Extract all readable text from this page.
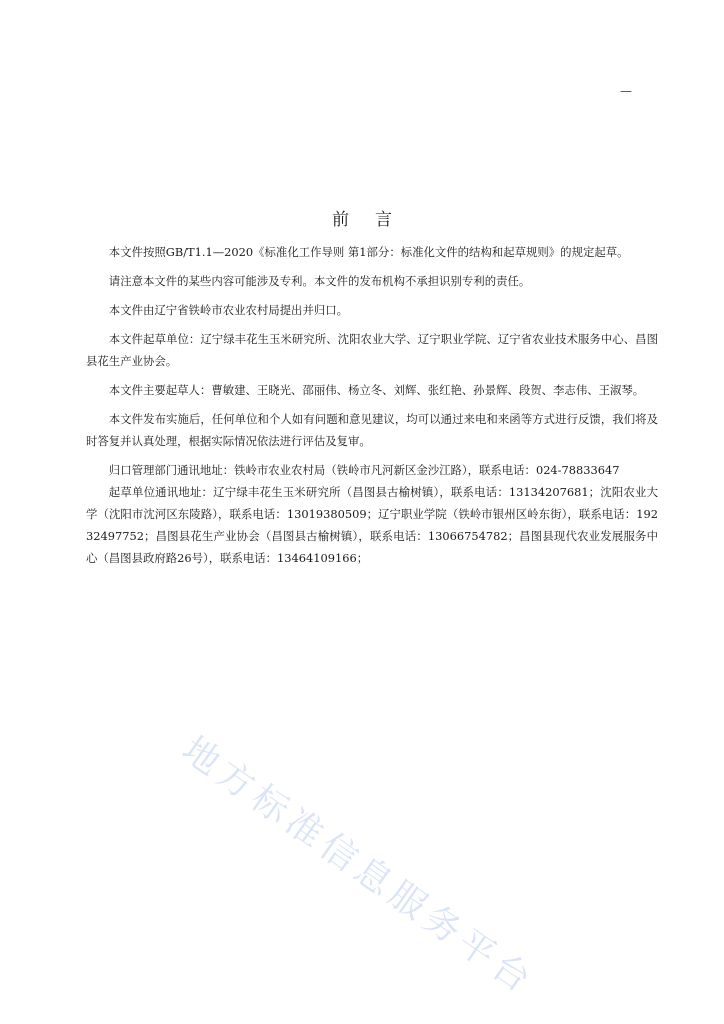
—
前言

本文件按照GB/T1.1—2020《标准化工作导则 第1部分：标准化文件的结构和起草规则》的规定起草。

请注意本文件的某些内容可能涉及专利。本文件的发布机构不承担识别专利的责任。

本文件由辽宁省铁岭市农业农村局提出并归口。

本文件起草单位：辽宁绿丰花生玉米研究所、沈阳农业大学、辽宁职业学院、辽宁省农业技术服务中心、昌图县花生产业协会。

本文件主要起草人：曹敏建、王晓光、邵丽伟、杨立冬、刘辉、张红艳、孙景辉、段贺、李志伟、王淑琴。

本文件发布实施后，任何单位和个人如有问题和意见建议，均可以通过来电和来函等方式进行反馈，我们将及时答复并认真处理，根据实际情况依法进行评估及复审。

归口管理部门通讯地址：铁岭市农业农村局（铁岭市凡河新区金沙江路），联系电话：024-78833647

起草单位通讯地址：辽宁绿丰花生玉米研究所（昌图县古榆树镇），联系电话：13134207681；沈阳农业大学（沈阳市沈河区东陵路），联系电话：13019380509；辽宁职业学院（铁岭市银州区岭东街），联系电话：19232497752；昌图县花生产业协会（昌图县古榆树镇），联系电话：13066754782；昌图县现代农业发展服务中心（昌图县政府路26号），联系电话：13464109166；

地方标准信息服务平台
